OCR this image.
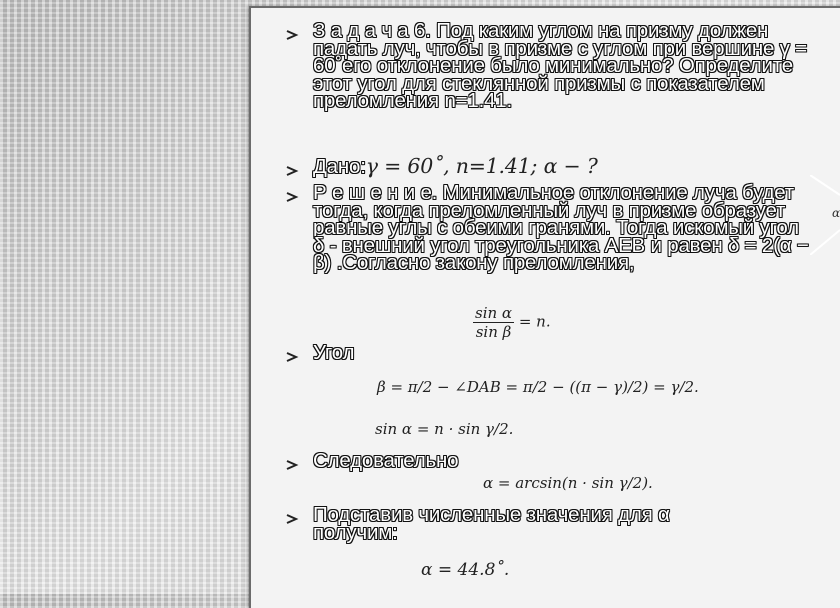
З а д а ч а 6. Под каким углом на призму должен падать луч, чтобы в призме с углом при вершине γ = 60˚его отклонение было минимально? Определите этот угол для стеклянной призмы с показателем преломления n=1.41.
Дано:γ = 60˚, n=1.41; α − ?
Р е ш е н и е. Минимальное отклонение луча будет тогда, когда преломленный луч в призме образует равные углы с обеими гранями. Тогда искомый угол δ - внешний угол треугольника AEB и равен δ = 2(α − β) .Согласно закону преломления,
$\frac{\text{sin α}}{\text{sin β}} = n$.
Угол
β = π/2 − ∠DAB = π/2 − ((π − γ)/2) = γ/2.
sin α = n · sin γ/2.
Следовательно
α = arcsin(n · sin γ/2).
Подставив численные значения для α получим:
α = 44.8˚.
α
